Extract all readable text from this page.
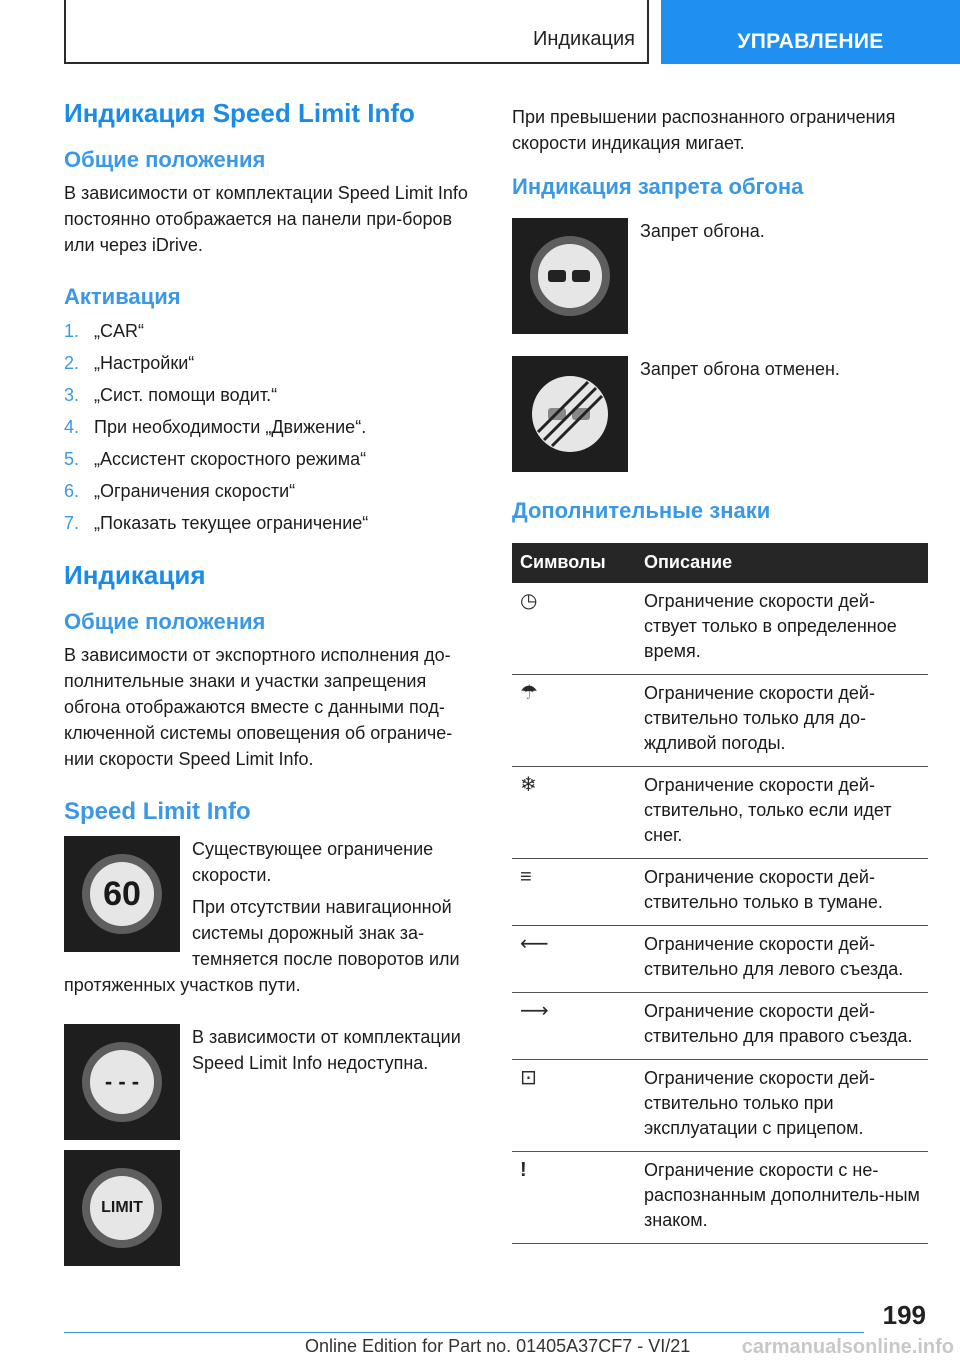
Индикация	УПРАВЛЕНИЕ
Индикация Speed Limit Info
Общие положения

В зависимости от комплектации Speed Limit Info постоянно отображается на панели при-боров или через iDrive.

Активация
1. „CAR“
2. „Настройки“
3. „Сист. помощи водит.“
4. При необходимости „Движение“.
5. „Ассистент скоростного режима“
6. „Ограничения скорости“
7. „Показать текущее ограничение“
Индикация
Общие положения

В зависимости от экспортного исполнения до-полнительные знаки и участки запрещения обгона отображаются вместе с данными под-ключенной системы оповещения об ограниче-нии скорости Speed Limit Info.

Speed Limit Info
60

Существующее ограничение скорости.

При отсутствии навигационной системы дорожный знак за-темняется после поворотов или протяженных участков пути.

- - -

В зависимости от комплектации Speed Limit Info недоступна.

LIMIT

При превышении распознанного ограничения скорости индикация мигает.

Индикация запрета обгона

Запрет обгона.

Запрет обгона отменен.

Дополнительные знаки
Символы	Описание
◷	Ограничение скорости дей-ствует только в определенное время.
☂	Ограничение скорости дей-ствительно только для до-ждливой погоды.
❄	Ограничение скорости дей-ствительно, только если идет снег.
≡	Ограничение скорости дей-ствительно только в тумане.
⟵	Ограничение скорости дей-ствительно для левого съезда.
⟶	Ограничение скорости дей-ствительно для правого съезда.
⊡	Ограничение скорости дей-ствительно только при эксплуатации с прицепом.
!	Ограничение скорости с не-распознанным дополнитель-ным знаком.
199
Online Edition for Part no. 01405A37CF7 - VI/21	carmanualsonline.info
